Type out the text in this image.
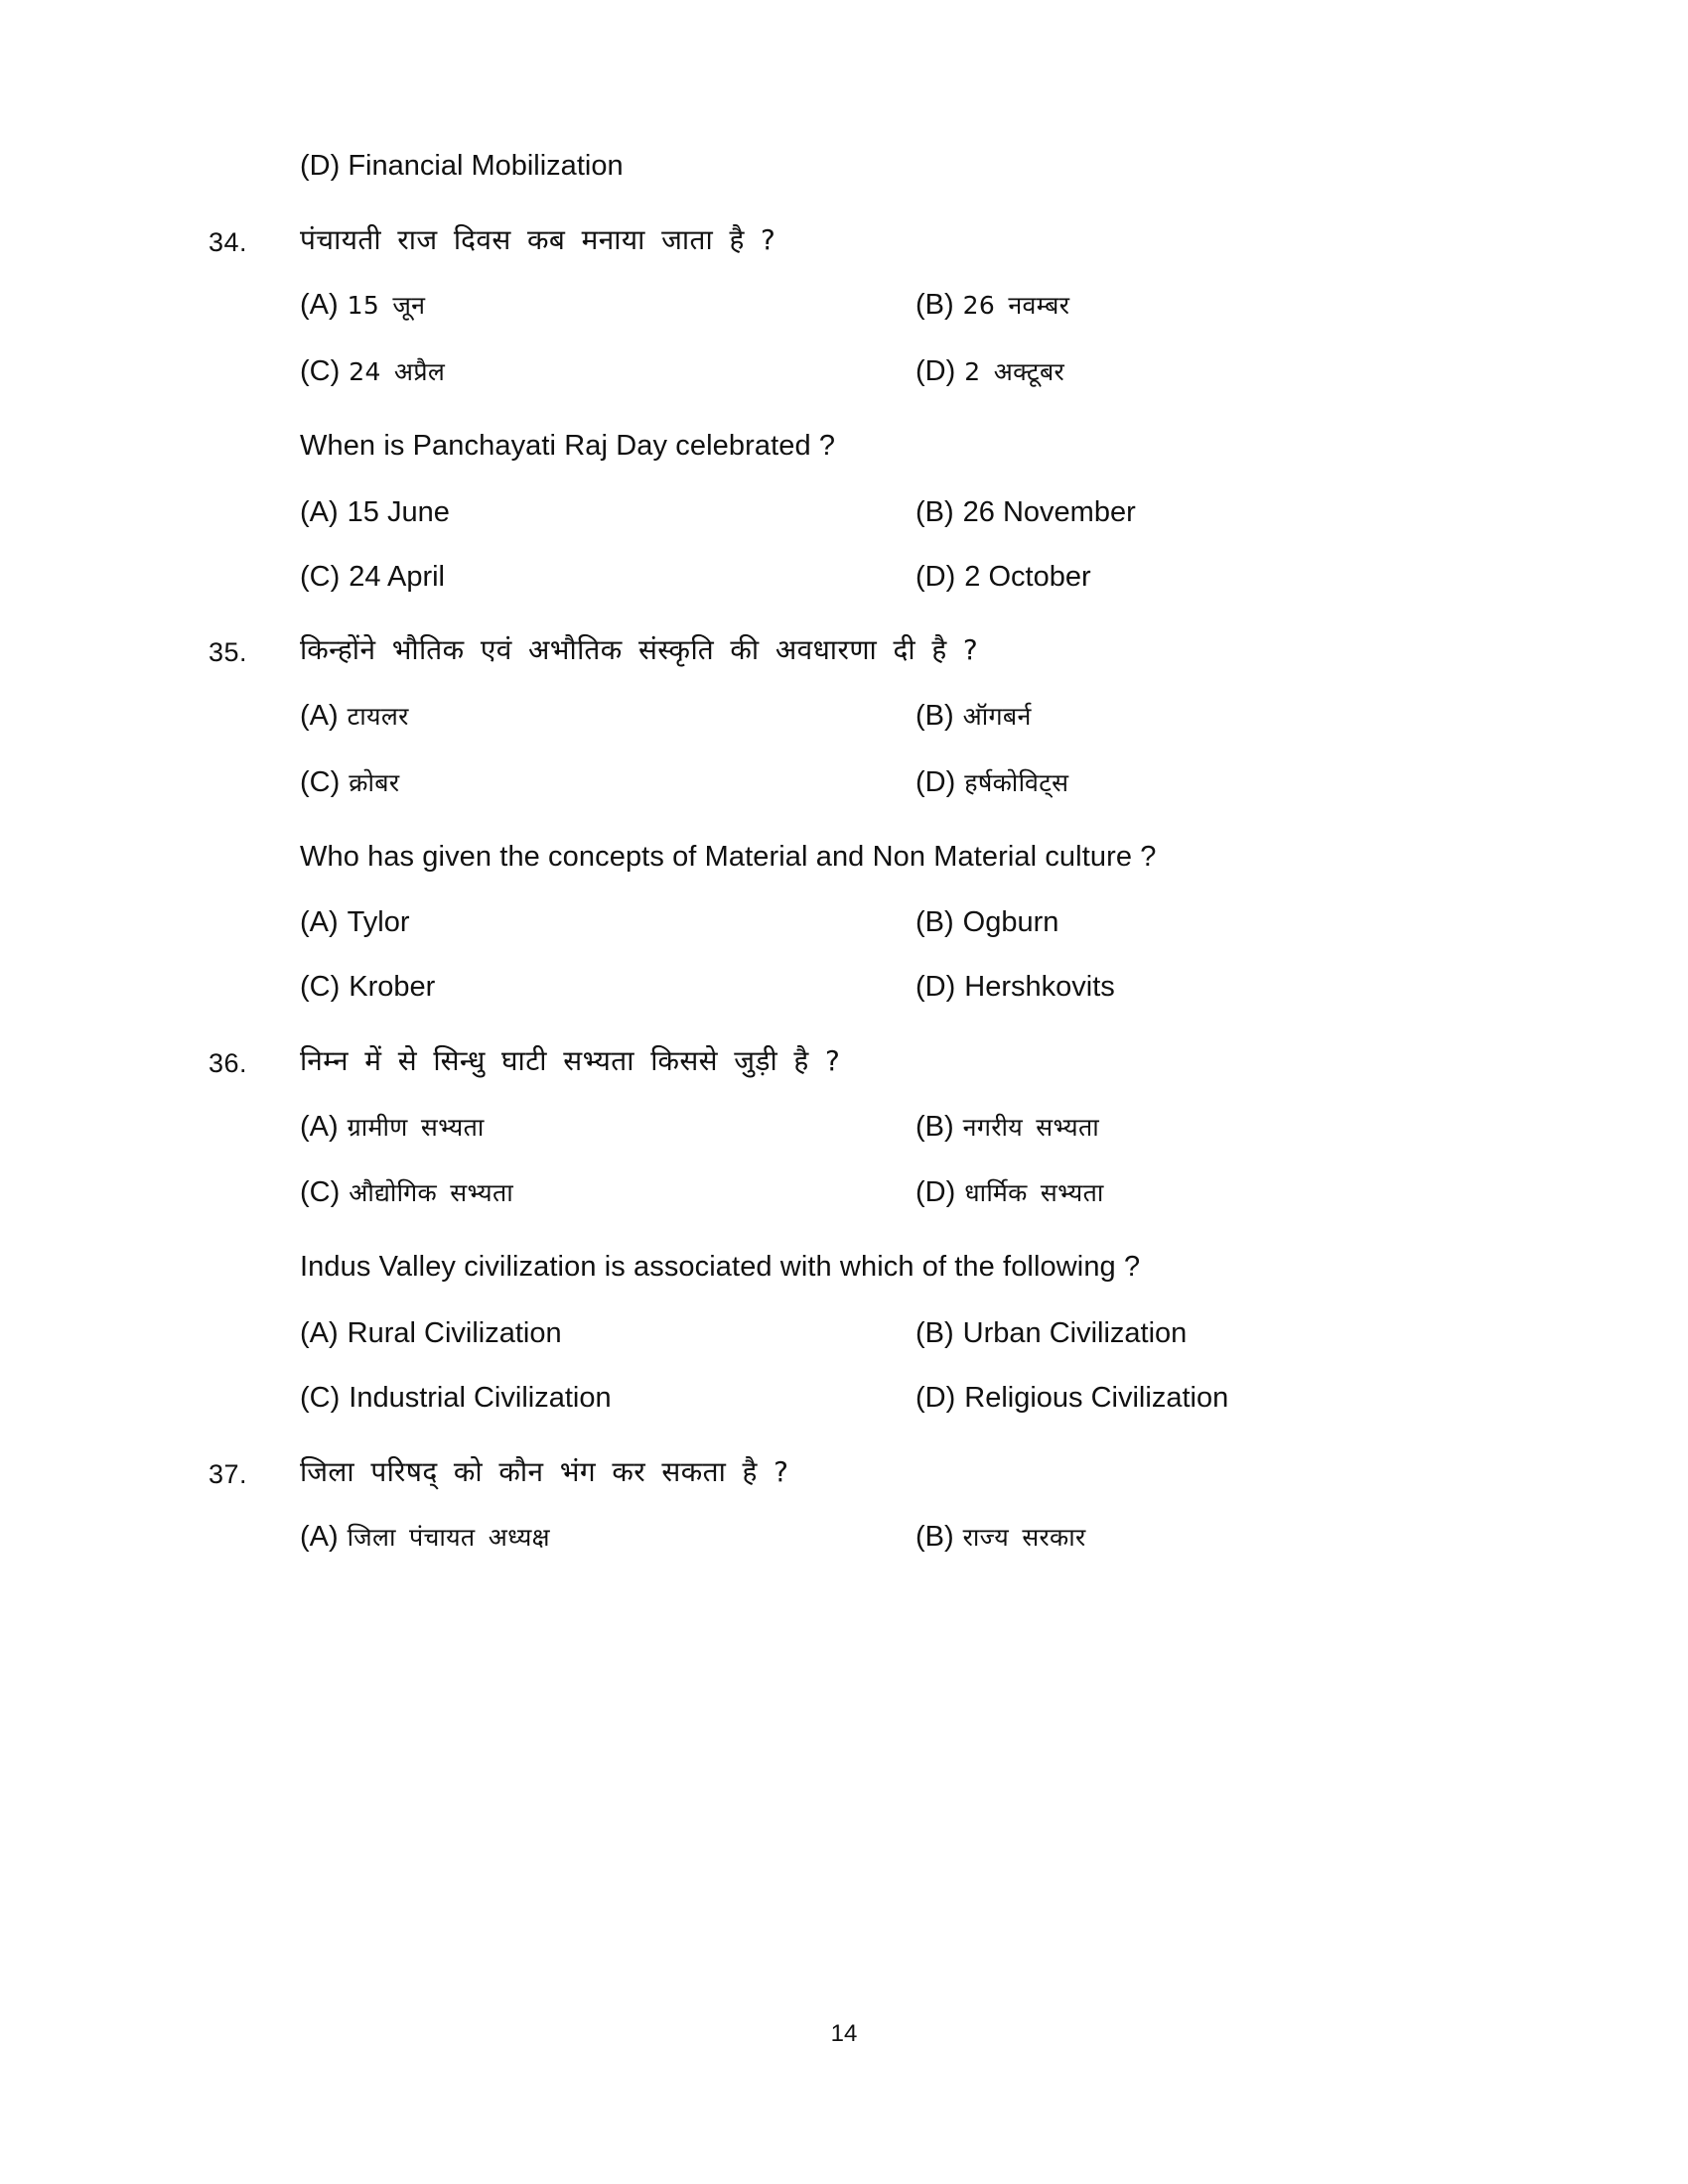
(D) Financial Mobilization
34.	पंचायती राज दिवस कब मनाया जाता है ?
(A) 15 जून	(B) 26 नवम्बर
(C) 24 अप्रैल	(D) 2 अक्टूबर
When is Panchayati Raj Day celebrated ?
(A) 15 June	(B) 26 November
(C) 24 April	(D) 2 October
35.	किन्होंने भौतिक एवं अभौतिक संस्कृति की अवधारणा दी है ?
(A) टायलर	(B) ऑगबर्न
(C) क्रोबर	(D) हर्षकोविट्स
Who has given the concepts of Material and Non Material culture ?
(A) Tylor	(B) Ogburn
(C) Krober	(D) Hershkovits
36.	निम्न में से सिन्धु घाटी सभ्यता किससे जुड़ी है ?
(A) ग्रामीण सभ्यता	(B) नगरीय सभ्यता
(C) औद्योगिक सभ्यता	(D) धार्मिक सभ्यता
Indus Valley civilization is associated with which of the following ?
(A) Rural Civilization	(B) Urban Civilization
(C) Industrial Civilization	(D) Religious Civilization
37.	जिला परिषद् को कौन भंग कर सकता है ?
(A) जिला पंचायत अध्यक्ष	(B) राज्य सरकार
14
